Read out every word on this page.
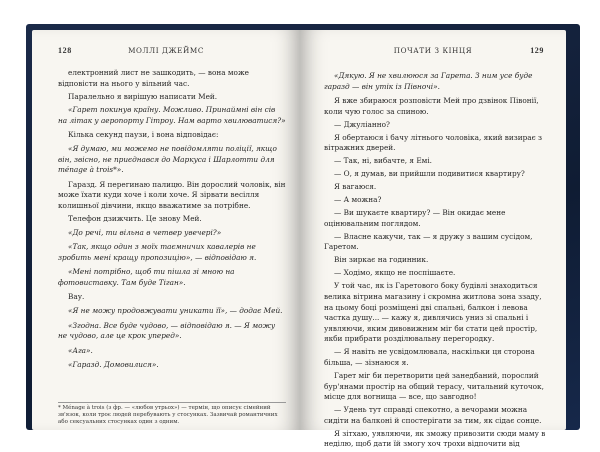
128	МОЛЛІ ДЖЕЙМС

електронний лист не зашкодить, — вона може відповісти на нього у вільний час.

Паралельно я вирішую написати Мей.

«Гарет покинув країну. Можливо. Принаймні він сів на літак у аеропорту Гітроу. Нам варто хвилюватися?»

Кілька секунд паузи, і вона відповідає:

«Я думаю, ми можемо не повідомляти поліції, якщо він, звісно, не приєднався до Маркуса і Шарлотти для ménage à trois*».

Гаразд. Я перегинаю палицю. Він дорослий чоловік, він може їхати куди хоче і коли хоче. Я зірвати весілля колишньої дівчини, якщо вважатиме за потрібне.

Телефон дзижчить. Це знову Мей.

«До речі, ти вільна в четвер увечері?»

«Так, якщо один з моїх таємничих кавалерів не зробить мені кращу пропозицію», — відповідаю я.

«Мені потрібно, щоб ти пішла зі мною на фотовиставку. Там буде Тіган».

Вау.

«Я не можу продовжувати уникати її», — додає Мей.

«Згодна. Все буде чудово, — відповідаю я. — Я можу не чудово, але це крок уперед».

«Ага».

«Гаразд. Домовилися».

* Ménage à trois (з фр. — «любов утрьох») — термін, що описує сімейний зв'язок, коли троє людей перебувають у стосунках. Зазвичай романтичних або сексуальних стосунках один з одним.
ПОЧАТИ З КІНЦЯ	129

«Дякую. Я не хвилююся за Гарета. З ним усе буде гаразд — він утік із Півночі».

Я вже збираюся розповісти Мей про дзвінок Півонії, коли чую голос за спиною.

— Джуліанно?

Я обертаюся і бачу літнього чоловіка, який визирає з вітражних дверей.

— Так, ні, вибачте, я Емі.

— О, я думав, ви прийшли подивитися квартиру?

Я вагаюся.

— А можна?

— Ви шукаєте квартиру? — Він окидає мене оцінювальним поглядом.

— Власне кажучи, так — я дружу з вашим сусідом, Гаретом.

Він зиркає на годинник.

— Ходімо, якщо не поспішаєте.

У той час, як із Гаретового боку будівлі знаходиться велика вітрина магазину і скромна житлова зона ззаду, на цьому боці розміщені дві спальні, балкон і левова частка душу... — кажу я, дивлячись униз зі спальні і уявляючи, яким дивовижним міг би стати цей простір, якби прибрати розділювальну перегородку.

— Я навіть не усвідомлювала, наскільки ця сторона більша, — зізнаюся я.

Гарет міг би перетворити цей занедбаний, порослий бур'янами простір на общий терасу, читальний куточок, місце для вогнища — все, що завгодно!

— Удень тут справді спекотно, а вечорами можна сидіти на балконі й спостерігати за тим, як сідає сонце.

Я зітхаю, уявляючи, як зможу привозити сюди маму в неділю, щоб дати їй змогу хоч трохи відпочити від
